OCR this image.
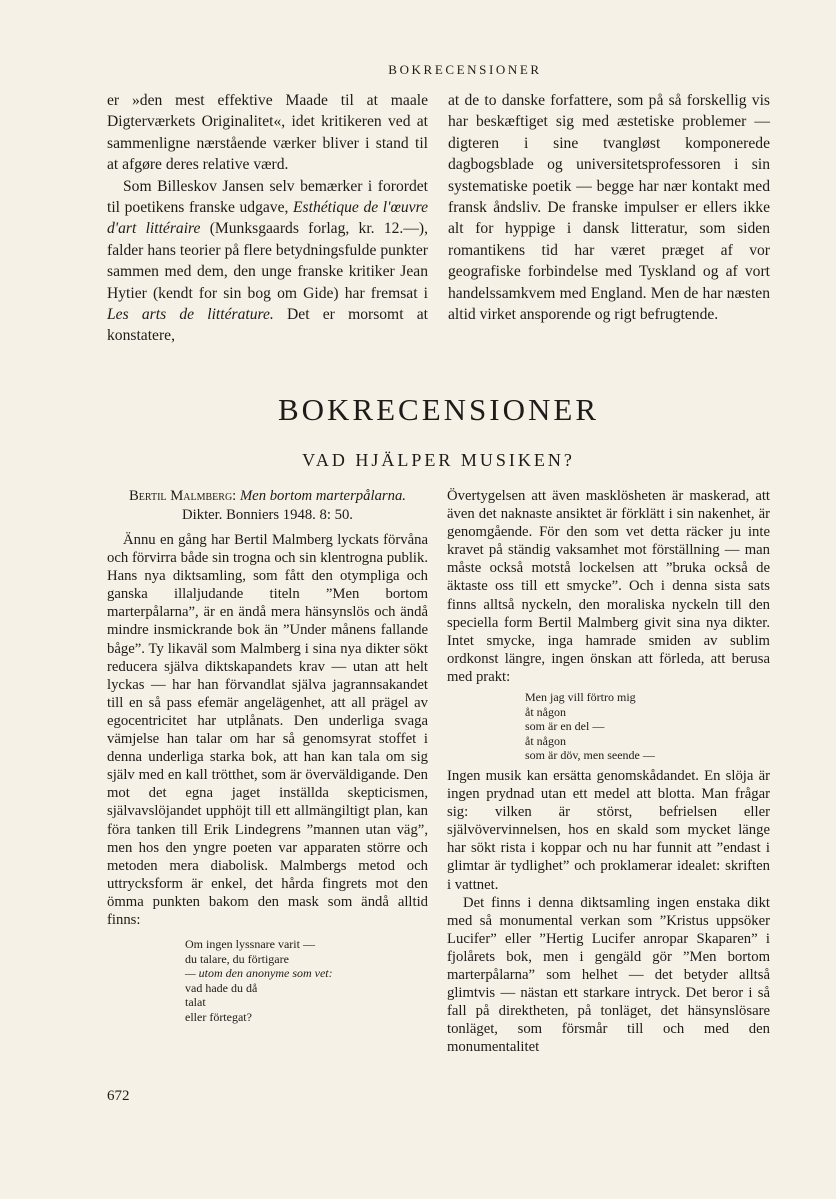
BOKRECENSIONER

er »den mest effektive Maade til at maale Digterværkets Originalitet«, idet kritikeren ved at sammenligne nærstående værker bliver i stand til at afgøre deres relative værd.

Som Billeskov Jansen selv bemærker i forordet til poetikens franske udgave, Esthétique de l'œuvre d'art littéraire (Munksgaards forlag, kr. 12.—), falder hans teorier på flere betydningsfulde punkter sammen med dem, den unge franske kritiker Jean Hytier (kendt for sin bog om Gide) har fremsat i Les arts de littérature. Det er morsomt at konstatere,

at de to danske forfattere, som på så forskellig vis har beskæftiget sig med æstetiske problemer — digteren i sine tvangløst komponerede dagbogsblade og universitetsprofessoren i sin systematiske poetik — begge har nær kontakt med fransk åndsliv. De franske impulser er ellers ikke alt for hyppige i dansk litteratur, som siden romantikens tid har været præget af vor geografiske forbindelse med Tyskland og af vort handelssamkvem med England. Men de har næsten altid virket ansporende og rigt befrugtende.

BOKRECENSIONER
VAD HJÄLPER MUSIKEN?

Bertil Malmberg: Men bortom marterpålarna.
Dikter. Bonniers 1948. 8: 50.

Ännu en gång har Bertil Malmberg lyckats förvåna och förvirra både sin trogna och sin klentrogna publik. Hans nya diktsamling, som fått den otympliga och ganska illaljudande titeln ”Men bortom marterpålarna”, är en ändå mera hänsynslös och ändå mindre insmickrande bok än ”Under månens fallande båge”. Ty likaväl som Malmberg i sina nya dikter sökt reducera själva diktskapandets krav — utan att helt lyckas — har han förvandlat själva jagrannsakandet till en så pass efemär angelägenhet, att all prägel av egocentricitet har utplånats. Den underliga svaga vämjelse han talar om har så genomsyrat stoffet i denna underliga starka bok, att han kan tala om sig själv med en kall trötthet, som är överväldigande. Den mot det egna jaget inställda skepticismen, självavslöjandet upphöjt till ett allmängiltigt plan, kan föra tanken till Erik Lindegrens ”mannen utan väg”, men hos den yngre poeten var apparaten större och metoden mera diabolisk. Malmbergs metod och uttrycksform är enkel, det hårda fingrets mot den ömma punkten bakom den mask som ändå alltid finns:

Om ingen lyssnare varit —
du talare, du förtigare
— utom den anonyme som vet:
vad hade du då
talat
eller förtegat?

Övertygelsen att även masklösheten är maskerad, att även det naknaste ansiktet är förklätt i sin nakenhet, är genomgående. För den som vet detta räcker ju inte kravet på ständig vaksamhet mot förställning — man måste också motstå lockelsen att ”bruka också de äktaste oss till ett smycke”. Och i denna sista sats finns alltså nyckeln, den moraliska nyckeln till den speciella form Bertil Malmberg givit sina nya dikter. Intet smycke, inga hamrade smiden av sublim ordkonst längre, ingen önskan att förleda, att berusa med prakt:

Men jag vill förtro mig
åt någon
som är en del —
åt någon
som är döv, men seende —

Ingen musik kan ersätta genomskådandet. En slöja är ingen prydnad utan ett medel att blotta. Man frågar sig: vilken är störst, befrielsen eller självövervinnelsen, hos en skald som mycket länge har sökt rista i koppar och nu har funnit att ”endast i glimtar är tydlighet” och proklamerar idealet: skriften i vattnet.

Det finns i denna diktsamling ingen enstaka dikt med så monumental verkan som ”Kristus uppsöker Lucifer” eller ”Hertig Lucifer anropar Skaparen” i fjolårets bok, men i gengäld gör ”Men bortom marterpålarna” som helhet — det betyder alltså glimtvis — nästan ett starkare intryck. Det beror i så fall på direktheten, på tonläget, det hänsynslösare tonläget, som försmår till och med den monumentalitet

672
